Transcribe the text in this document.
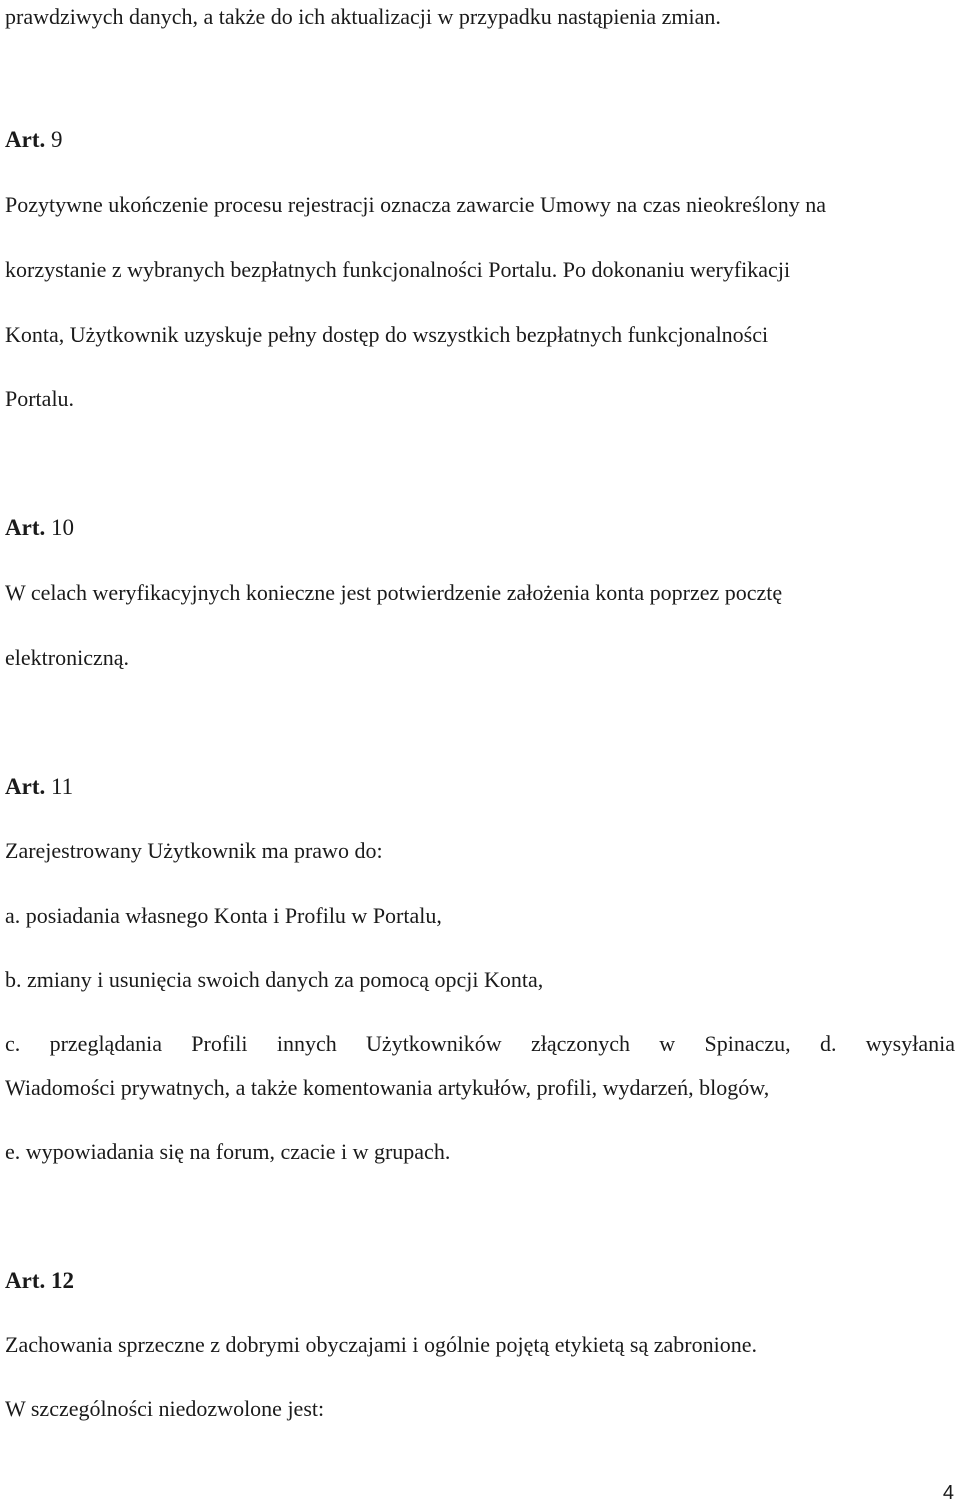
prawdziwych danych, a także do ich aktualizacji w przypadku nastąpienia zmian.

Art. 9

Pozytywne ukończenie procesu rejestracji oznacza zawarcie Umowy na czas nieokreślony na

korzystanie z wybranych bezpłatnych funkcjonalności Portalu. Po dokonaniu weryfikacji

Konta, Użytkownik uzyskuje pełny dostęp do wszystkich bezpłatnych funkcjonalności

Portalu.

Art. 10

W celach weryfikacyjnych konieczne jest potwierdzenie założenia konta poprzez pocztę

elektroniczną.

Art. 11

Zarejestrowany Użytkownik ma prawo do:

a. posiadania własnego Konta i Profilu w Portalu,

b. zmiany i usunięcia swoich danych za pomocą opcji Konta,

c. przeglądania Profili innych Użytkowników złączonych w Spinaczu, d. wysyłania

Wiadomości prywatnych, a także komentowania artykułów, profili, wydarzeń, blogów,

e. wypowiadania się na forum, czacie i w grupach.

Art. 12

Zachowania sprzeczne z dobrymi obyczajami i ogólnie pojętą etykietą są zabronione.

W szczególności niedozwolone jest:

4
